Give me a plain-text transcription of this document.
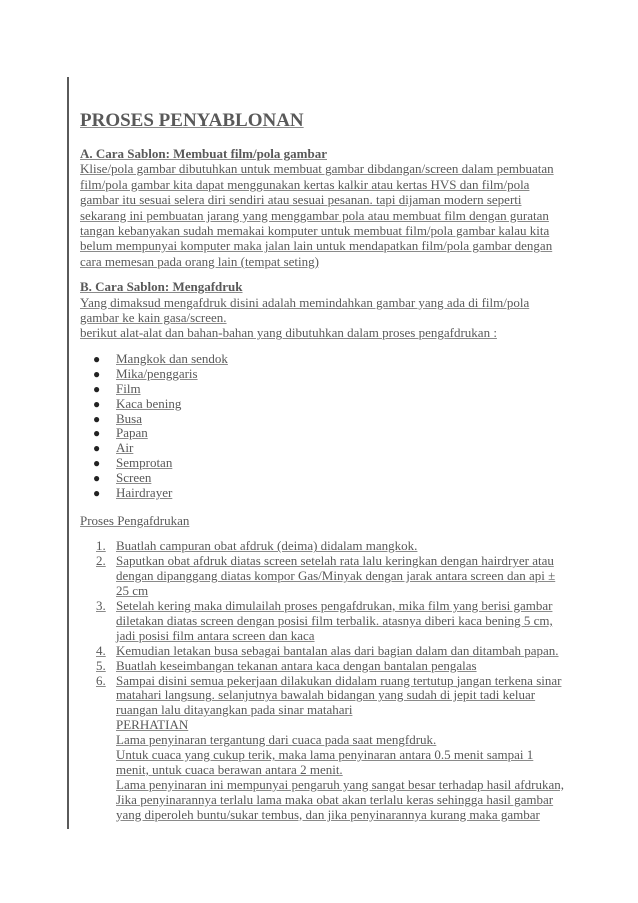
PROSES PENYABLONAN

A. Cara Sablon: Membuat film/pola gambar

Klise/pola gambar dibutuhkan untuk membuat gambar dibdangan/screen dalam pembuatan
film/pola gambar kita dapat menggunakan kertas kalkir atau kertas HVS dan film/pola
gambar itu sesuai selera diri sendiri atau sesuai pesanan. tapi dijaman modern seperti
sekarang ini pembuatan jarang yang menggambar pola atau membuat film dengan guratan
tangan kebanyakan sudah memakai komputer untuk membuat film/pola gambar kalau kita
belum mempunyai komputer maka jalan lain untuk mendapatkan film/pola gambar dengan
cara memesan pada orang lain (tempat seting)

B. Cara Sablon: Mengafdruk

Yang dimaksud mengafdruk disini adalah memindahkan gambar yang ada di film/pola
gambar ke kain gasa/screen.
berikut alat-alat dan bahan-bahan yang dibutuhkan dalam proses pengafdrukan :
●	Mangkok dan sendok
●	Mika/penggaris
●	Film
●	Kaca bening
●	Busa
●	Papan
●	Air
●	Semprotan
●	Screen
●	Hairdrayer

Proses Pengafdrukan

1. Buatlah campuran obat afdruk (deima) didalam mangkok.
2. Saputkan obat afdruk diatas screen setelah rata lalu keringkan dengan hairdryer atau
dengan dipanggang diatas kompor Gas/Minyak dengan jarak antara screen dan api ±
25 cm
3. Setelah kering maka dimulailah proses pengafdrukan, mika film yang berisi gambar
diletakan diatas screen dengan posisi film terbalik. atasnya diberi kaca bening 5 cm,
jadi posisi film antara screen dan kaca
4. Kemudian letakan busa sebagai bantalan alas dari bagian dalam dan ditambah papan.
5. Buatlah keseimbangan tekanan antara kaca dengan bantalan pengalas
6. Sampai disini semua pekerjaan dilakukan didalam ruang tertutup jangan terkena sinar
matahari langsung. selanjutnya bawalah bidangan yang sudah di jepit tadi keluar
ruangan lalu ditayangkan pada sinar matahari
PERHATIAN
Lama penyinaran tergantung dari cuaca pada saat mengfdruk.
Untuk cuaca yang cukup terik, maka lama penyinaran antara 0.5 menit sampai 1
menit, untuk cuaca berawan antara 2 menit.
Lama penyinaran ini mempunyai pengaruh yang sangat besar terhadap hasil afdrukan,
Jika penyinarannya terlalu lama maka obat akan terlalu keras sehingga hasil gambar
yang diperoleh buntu/sukar tembus, dan jika penyinarannya kurang maka gambar
